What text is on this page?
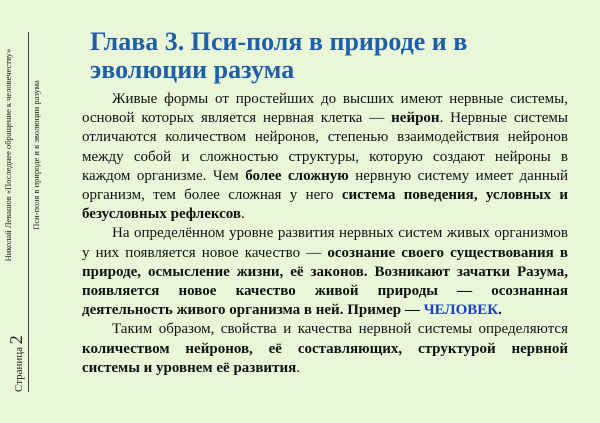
Страница 2
Николай Левашов «Последнее обращение к человечеству» Пси-поля в природе и в эволюции разума
Глава 3. Пси-поля в природе и в эволюции разума

Живые формы от простейших до высших имеют нервные системы, основой которых является нервная клетка — нейрон. Нервные системы отличаются количеством нейронов, степенью взаимодействия нейронов между собой и сложностью структуры, которую создают нейроны в каждом организме. Чем более сложную нервную систему имеет данный организм, тем более сложная у него система поведения, условных и безусловных рефлексов.

На определённом уровне развития нервных систем живых организмов у них появляется новое качество — осознание своего существования в природе, осмысление жизни, её законов. Возникают зачатки Разума, появляется новое качество живой природы — осознанная деятельность живого организма в ней. Пример — ЧЕЛОВЕК.

Таким образом, свойства и качества нервной системы определяются количеством нейронов, её составляющих, структурой нервной системы и уровнем её развития.
